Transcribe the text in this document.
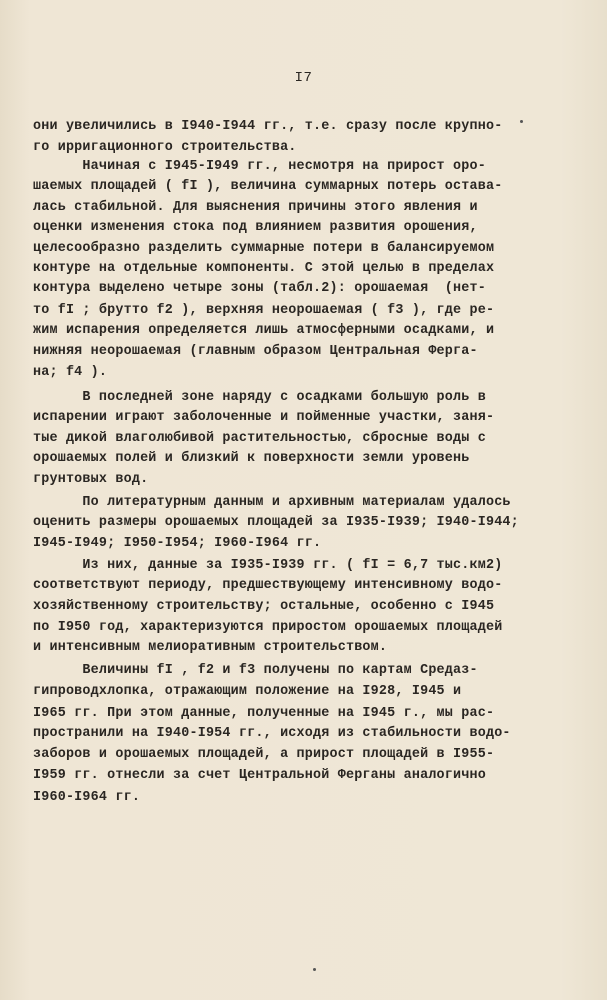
I7
они увеличились в I940-I944 гг., т.е. сразу после крупно-
го ирригационного строительства.
Начиная с I945-I949 гг., несмотря на прирост оро-
шаемых площадей ( fI ), величина суммарных потерь остава-
лась стабильной. Для выяснения причины этого явления и
оценки изменения стока под влиянием развития орошения,
целесообразно разделить суммарные потери в балансируемом
контуре на отдельные компоненты. С этой целью в пределах
контура выделено четыре зоны (табл.2): орошаемая  (нет-
то fI ; брутто f2 ), верхняя неорошаемая ( f3 ), где ре-
жим испарения определяется лишь атмосферными осадками, и
нижняя неорошаемая (главным образом Центральная Ферга-
на; f4 ).
В последней зоне наряду с осадками большую роль в
испарении играют заболоченные и пойменные участки, заня-
тые дикой влаголюбивой растительностью, сбросные воды с
орошаемых полей и близкий к поверхности земли уровень
грунтовых вод.
По литературным данным и архивным материалам удалось
оценить размеры орошаемых площадей за I935-I939; I940-I944;
I945-I949; I950-I954; I960-I964 гг.
Из них, данные за I935-I939 гг. ( fI = 6,7 тыс.км2)
соответствуют периоду, предшествующему интенсивному водо-
хозяйственному строительству; остальные, особенно с I945
по I950 год, характеризуются приростом орошаемых площадей
и интенсивным мелиоративным строительством.
Величины fI , f2 и f3 получены по картам Средаз-
гипроводхлопка, отражающим положение на I928, I945 и
I965 гг. При этом данные, полученные на I945 г., мы рас-
пространили на I940-I954 гг., исходя из стабильности водо-
заборов и орошаемых площадей, а прирост площадей в I955-
I959 гг. отнесли за счет Центральной Ферганы аналогично
I960-I964 гг.
